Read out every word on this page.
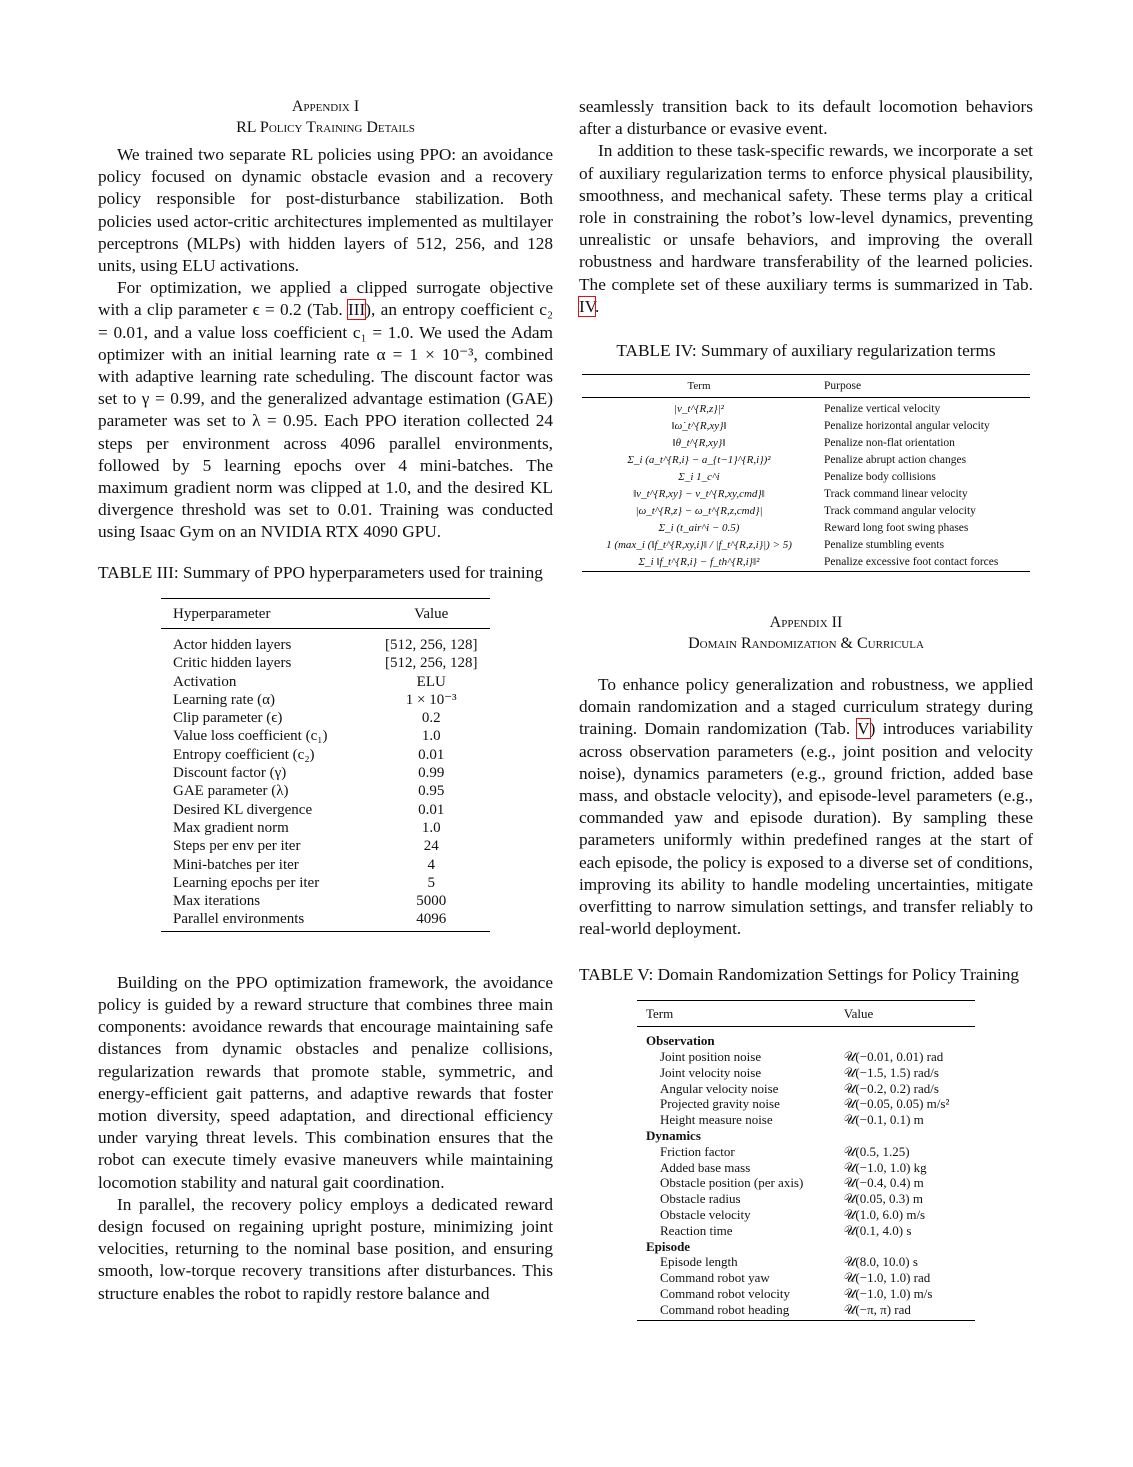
Appendix I

RL Policy Training Details

We trained two separate RL policies using PPO: an avoidance policy focused on dynamic obstacle evasion and a recovery policy responsible for post-disturbance stabilization. Both policies used actor-critic architectures implemented as multilayer perceptrons (MLPs) with hidden layers of 512, 256, and 128 units, using ELU activations.

For optimization, we applied a clipped surrogate objective with a clip parameter ϵ = 0.2 (Tab. III), an entropy coefficient c₂ = 0.01, and a value loss coefficient c₁ = 1.0. We used the Adam optimizer with an initial learning rate α = 1 × 10⁻³, combined with adaptive learning rate scheduling. The discount factor was set to γ = 0.99, and the generalized advantage estimation (GAE) parameter was set to λ = 0.95. Each PPO iteration collected 24 steps per environment across 4096 parallel environments, followed by 5 learning epochs over 4 mini-batches. The maximum gradient norm was clipped at 1.0, and the desired KL divergence threshold was set to 0.01. Training was conducted using Isaac Gym on an NVIDIA RTX 4090 GPU.

TABLE III: Summary of PPO hyperparameters used for training

Hyperparameter	Value
Actor hidden layers	[512, 256, 128]
Critic hidden layers	[512, 256, 128]
Activation	ELU
Learning rate (α)	1 × 10⁻³
Clip parameter (ϵ)	0.2
Value loss coefficient (c₁)	1.0
Entropy coefficient (c₂)	0.01
Discount factor (γ)	0.99
GAE parameter (λ)	0.95
Desired KL divergence	0.01
Max gradient norm	1.0
Steps per env per iter	24
Mini-batches per iter	4
Learning epochs per iter	5
Max iterations	5000
Parallel environments	4096

Building on the PPO optimization framework, the avoidance policy is guided by a reward structure that combines three main components: avoidance rewards that encourage maintaining safe distances from dynamic obstacles and penalize collisions, regularization rewards that promote stable, symmetric, and energy-efficient gait patterns, and adaptive rewards that foster motion diversity, speed adaptation, and directional efficiency under varying threat levels. This combination ensures that the robot can execute timely evasive maneuvers while maintaining locomotion stability and natural gait coordination.

In parallel, the recovery policy employs a dedicated reward design focused on regaining upright posture, minimizing joint velocities, returning to the nominal base position, and ensuring smooth, low-torque recovery transitions after disturbances. This structure enables the robot to rapidly restore balance and

seamlessly transition back to its default locomotion behaviors after a disturbance or evasive event.

In addition to these task-specific rewards, we incorporate a set of auxiliary regularization terms to enforce physical plausibility, smoothness, and mechanical safety. These terms play a critical role in constraining the robot’s low-level dynamics, preventing unrealistic or unsafe behaviors, and improving the overall robustness and hardware transferability of the learned policies. The complete set of these auxiliary terms is summarized in Tab. IV.

TABLE IV: Summary of auxiliary regularization terms

Term	Purpose
|v_t^{R,z}|²	Penalize vertical velocity
‖ω̇_t^{R,xy}‖	Penalize horizontal angular velocity
‖θ_t^{R,xy}‖	Penalize non-flat orientation
Σ_i (a_t^{R,i} − a_{t−1}^{R,i})²	Penalize abrupt action changes
Σ_i 1_c^i	Penalize body collisions
‖v_t^{R,xy} − v_t^{R,xy,cmd}‖	Track command linear velocity
|ω_t^{R,z} − ω_t^{R,z,cmd}|	Track command angular velocity
Σ_i (t_air^i − 0.5)	Reward long foot swing phases
1 (max_i (‖f_t^{R,xy,i}‖ / |f_t^{R,z,i}|) > 5)	Penalize stumbling events
Σ_i ‖f_t^{R,i} − f_th^{R,i}‖²	Penalize excessive foot contact forces

Appendix II

Domain Randomization & Curricula

To enhance policy generalization and robustness, we applied domain randomization and a staged curriculum strategy during training. Domain randomization (Tab. V) introduces variability across observation parameters (e.g., joint position and velocity noise), dynamics parameters (e.g., ground friction, added base mass, and obstacle velocity), and episode-level parameters (e.g., commanded yaw and episode duration). By sampling these parameters uniformly within predefined ranges at the start of each episode, the policy is exposed to a diverse set of conditions, improving its ability to handle modeling uncertainties, mitigate overfitting to narrow simulation settings, and transfer reliably to real-world deployment.

TABLE V: Domain Randomization Settings for Policy Training

Term	Value
Observation	
Joint position noise	𝒰(−0.01, 0.01) rad
Joint velocity noise	𝒰(−1.5, 1.5) rad/s
Angular velocity noise	𝒰(−0.2, 0.2) rad/s
Projected gravity noise	𝒰(−0.05, 0.05) m/s²
Height measure noise	𝒰(−0.1, 0.1) m
Dynamics	
Friction factor	𝒰(0.5, 1.25)
Added base mass	𝒰(−1.0, 1.0) kg
Obstacle position (per axis)	𝒰(−0.4, 0.4) m
Obstacle radius	𝒰(0.05, 0.3) m
Obstacle velocity	𝒰(1.0, 6.0) m/s
Reaction time	𝒰(0.1, 4.0) s
Episode	
Episode length	𝒰(8.0, 10.0) s
Command robot yaw	𝒰(−1.0, 1.0) rad
Command robot velocity	𝒰(−1.0, 1.0) m/s
Command robot heading	𝒰(−π, π) rad
